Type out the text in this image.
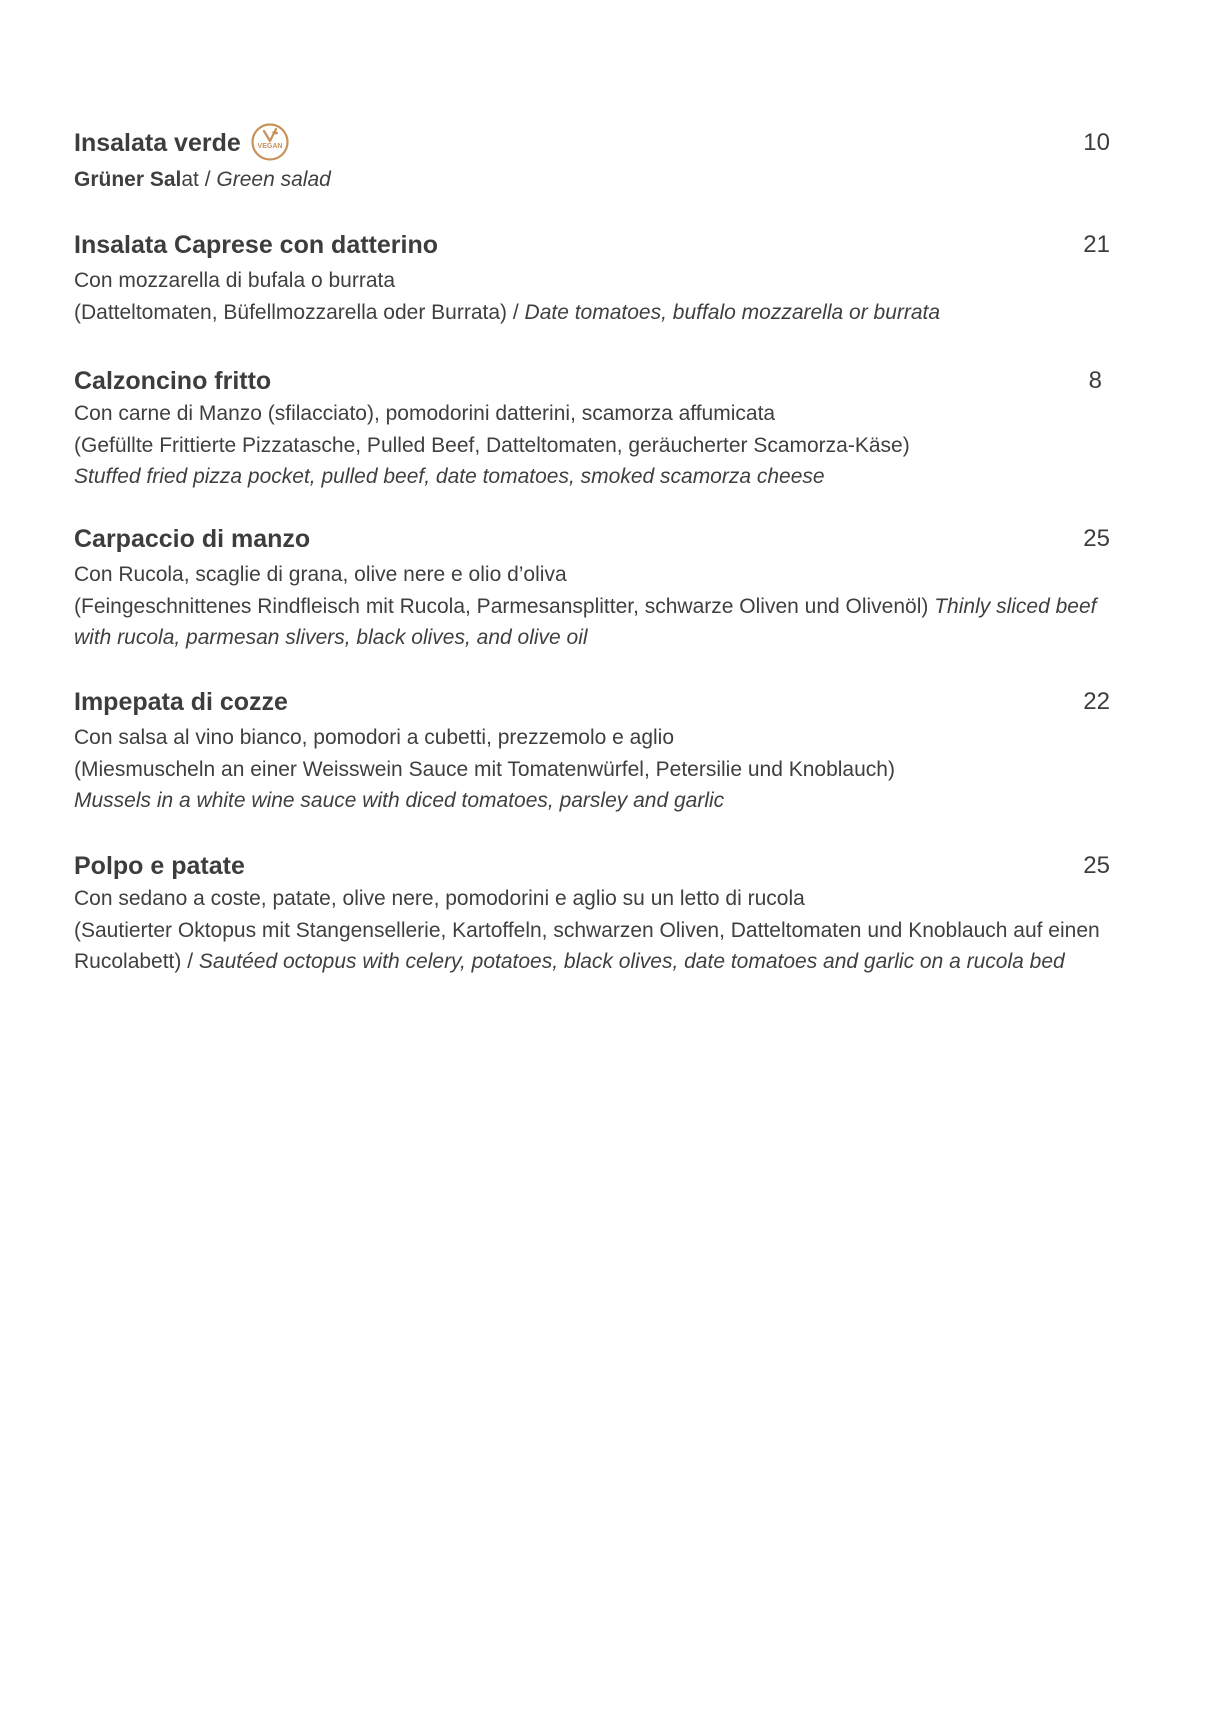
Insalata verde VEGAN	10

Grüner Salat / Green salad

Insalata Caprese con datterino	21

Con mozzarella di bufala o burrata

(Datteltomaten, Büfellmozzarella oder Burrata) / Date tomatoes, buffalo mozzarella or burrata

Calzoncino fritto	8

Con carne di Manzo (sfilacciato), pomodorini datterini, scamorza affumicata

(Gefüllte Frittierte Pizzatasche, Pulled Beef, Datteltomaten, geräucherter Scamorza-Käse)

Stuffed fried pizza pocket, pulled beef, date tomatoes, smoked scamorza cheese

Carpaccio di manzo	25

Con Rucola, scaglie di grana, olive nere e olio d’oliva

(Feingeschnittenes Rindfleisch mit Rucola, Parmesansplitter, schwarze Oliven und Olivenöl) Thinly sliced beef with rucola, parmesan slivers, black olives, and olive oil

Impepata di cozze	22

Con salsa al vino bianco, pomodori a cubetti, prezzemolo e aglio

(Miesmuscheln an einer Weisswein Sauce mit Tomatenwürfel, Petersilie und Knoblauch)

Mussels in a white wine sauce with diced tomatoes, parsley and garlic

Polpo e patate	25

Con sedano a coste, patate, olive nere, pomodorini e aglio su un letto di rucola

(Sautierter Oktopus mit Stangensellerie, Kartoffeln, schwarzen Oliven, Datteltomaten und Knoblauch auf einen Rucolabett) / Sautéed octopus with celery, potatoes, black olives, date tomatoes and garlic on a rucola bed
